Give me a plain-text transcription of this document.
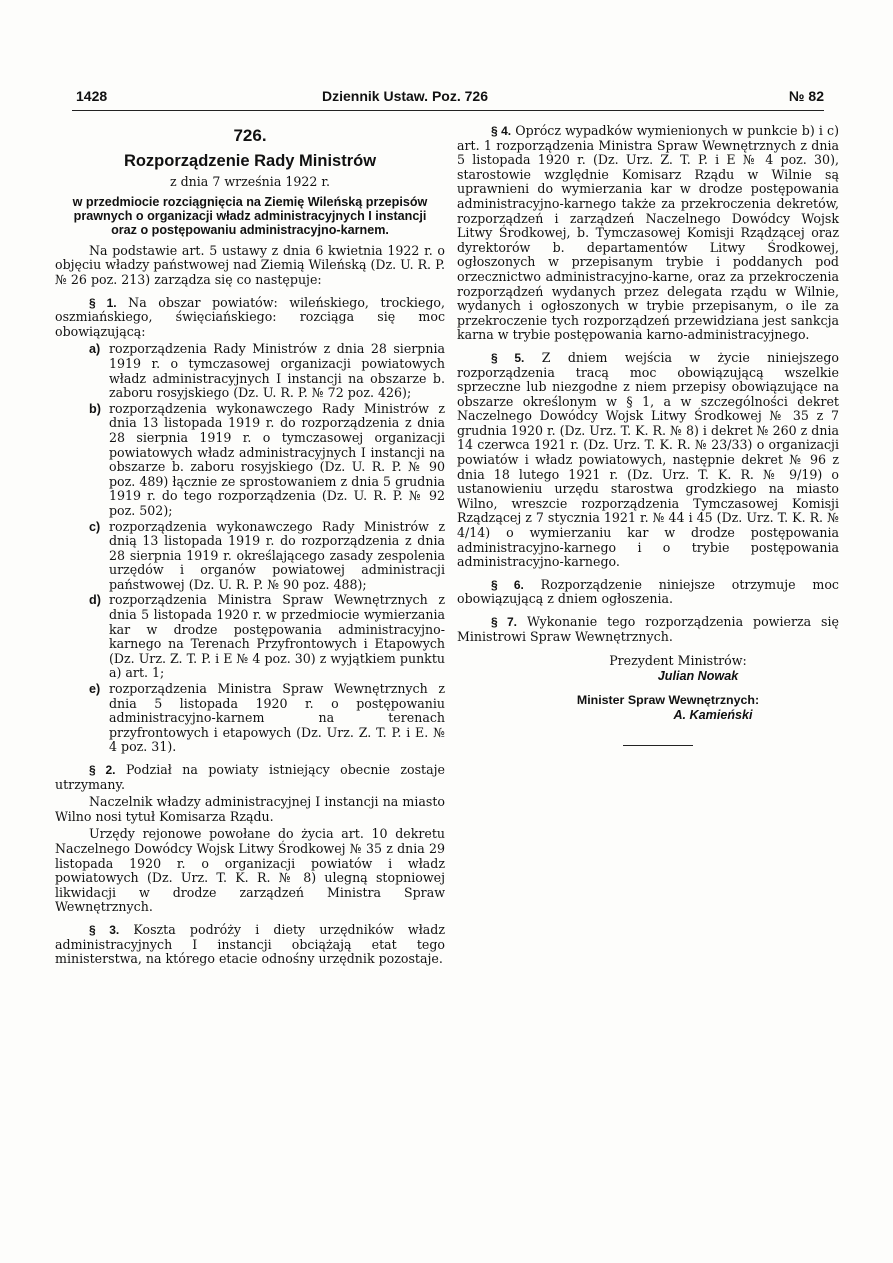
1428	Dziennik Ustaw. Poz. 726	№ 82

726.

Rozporządzenie Rady Ministrów

z dnia 7 września 1922 r.

w przedmiocie rozciągnięcia na Ziemię Wileńską przepisów prawnych o organizacji władz administracyjnych I instancji oraz o postępowaniu administracyjno-karnem.

Na podstawie art. 5 ustawy z dnia 6 kwietnia 1922 r. o objęciu władzy państwowej nad Ziemią Wileńską (Dz. U. R. P. № 26 poz. 213) zarządza się co następuje:

§ 1. Na obszar powiatów: wileńskiego, trockiego, oszmiańskiego, święciańskiego: rozciąga się moc obowiązującą:

a) rozporządzenia Rady Ministrów z dnia 28 sierpnia 1919 r. o tymczasowej organizacji powiatowych władz administracyjnych I instancji na obszarze b. zaboru rosyjskiego (Dz. U. R. P. № 72 poz. 426);

b) rozporządzenia wykonawczego Rady Ministrów z dnia 13 listopada 1919 r. do rozporządzenia z dnia 28 sierpnia 1919 r. o tymczasowej organizacji powiatowych władz administracyjnych I instancji na obszarze b. zaboru rosyjskiego (Dz. U. R. P. № 90 poz. 489) łącznie ze sprostowaniem z dnia 5 grudnia 1919 r. do tego rozporządzenia (Dz. U. R. P. № 92 poz. 502);

c) rozporządzenia wykonawczego Rady Ministrów z dnią 13 listopada 1919 r. do rozporządzenia z dnia 28 sierpnia 1919 r. określającego zasady zespolenia urzędów i organów powiatowej administracji państwowej (Dz. U. R. P. № 90 poz. 488);

d) rozporządzenia Ministra Spraw Wewnętrznych z dnia 5 listopada 1920 r. w przedmiocie wymierzania kar w drodze postępowania administracyjno-karnego na Terenach Przyfrontowych i Etapowych (Dz. Urz. Z. T. P. i E № 4 poz. 30) z wyjątkiem punktu a) art. 1;

e) rozporządzenia Ministra Spraw Wewnętrznych z dnia 5 listopada 1920 r. o postępowaniu administracyjno-karnem na terenach przyfrontowych i etapowych (Dz. Urz. Z. T. P. i E. № 4 poz. 31).

§ 2. Podział na powiaty istniejący obecnie zostaje utrzymany.

Naczelnik władzy administracyjnej I instancji na miasto Wilno nosi tytuł Komisarza Rządu.

Urzędy rejonowe powołane do życia art. 10 dekretu Naczelnego Dowódcy Wojsk Litwy Środkowej № 35 z dnia 29 listopada 1920 r. o organizacji powiatów i władz powiatowych (Dz. Urz. T. K. R. № 8) ulegną stopniowej likwidacji w drodze zarządzeń Ministra Spraw Wewnętrznych.

§ 3. Koszta podróży i diety urzędników władz administracyjnych I instancji obciążają etat tego ministerstwa, na którego etacie odnośny urzędnik pozostaje.

§ 4. Oprócz wypadków wymienionych w punkcie b) i c) art. 1 rozporządzenia Ministra Spraw Wewnętrznych z dnia 5 listopada 1920 r. (Dz. Urz. Z. T. P. i E № 4 poz. 30), starostowie względnie Komisarz Rządu w Wilnie są uprawnieni do wymierzania kar w drodze postępowania administracyjno-karnego także za przekroczenia dekretów, rozporządzeń i zarządzeń Naczelnego Dowódcy Wojsk Litwy Środkowej, b. Tymczasowej Komisji Rządzącej oraz dyrektorów b. departamentów Litwy Środkowej, ogłoszonych w przepisanym trybie i poddanych pod orzecznictwo administracyjno-karne, oraz za przekroczenia rozporządzeń wydanych przez delegata rządu w Wilnie, wydanych i ogłoszonych w trybie przepisanym, o ile za przekroczenie tych rozporządzeń przewidziana jest sankcja karna w trybie postępowania karno-administracyjnego.

§ 5. Z dniem wejścia w życie niniejszego rozporządzenia tracą moc obowiązującą wszelkie sprzeczne lub niezgodne z niem przepisy obowiązujące na obszarze określonym w § 1, a w szczególności dekret Naczelnego Dowódcy Wojsk Litwy Środkowej № 35 z 7 grudnia 1920 r. (Dz. Urz. T. K. R. № 8) i dekret № 260 z dnia 14 czerwca 1921 r. (Dz. Urz. T. K. R. № 23/33) o organizacji powiatów i władz powiatowych, następnie dekret № 96 z dnia 18 lutego 1921 r. (Dz. Urz. T. K. R. № 9/19) o ustanowieniu urzędu starostwa grodzkiego na miasto Wilno, wreszcie rozporządzenia Tymczasowej Komisji Rządzącej z 7 stycznia 1921 r. № 44 i 45 (Dz. Urz. T. K. R. № 4/14) o wymierzaniu kar w drodze postępowania administracyjno-karnego i o trybie postępowania administracyjno-karnego.

§ 6. Rozporządzenie niniejsze otrzymuje moc obowiązującą z dniem ogłoszenia.

§ 7. Wykonanie tego rozporządzenia powierza się Ministrowi Spraw Wewnętrznych.

Prezydent Ministrów:

Julian Nowak

Minister Spraw Wewnętrznych:

A. Kamieński
